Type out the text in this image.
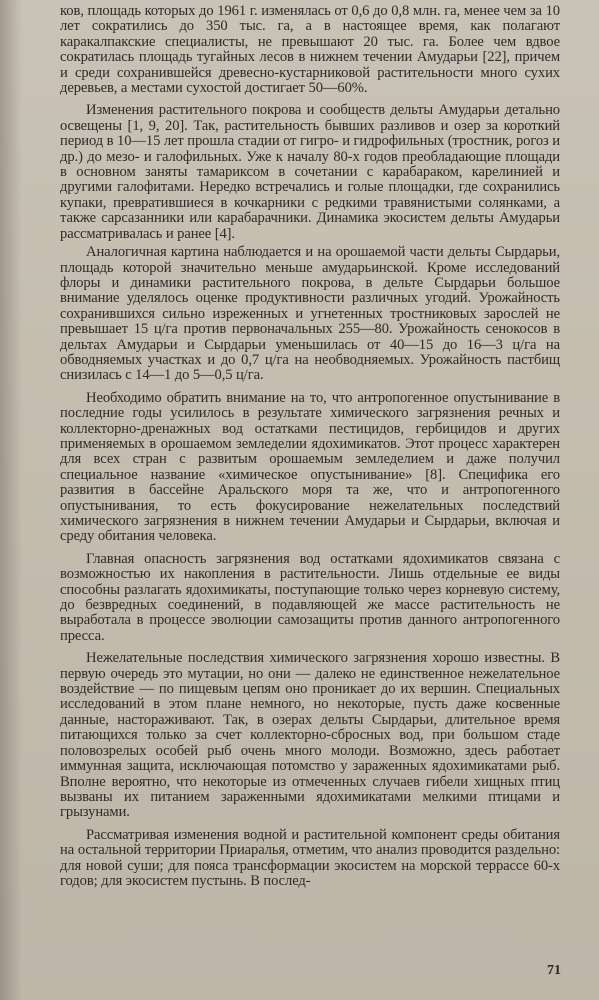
ков, площадь которых до 1961 г. изменялась от 0,6 до 0,8 млн. га, менее чем за 10 лет сократились до 350 тыс. га, а в настоящее время, как полагают каракалпакские специалисты, не превышают 20 тыс. га. Более чем вдвое сократилась площадь тугайных лесов в нижнем течении Амударьи [22], причем и среди сохранившейся древесно-кустарниковой растительности много сухих деревьев, а местами сухостой достигает 50—60%.

Изменения растительного покрова и сообществ дельты Амударьи детально освещены [1, 9, 20]. Так, растительность бывших разливов и озер за короткий период в 10—15 лет прошла стадии от гигро- и гидрофильных (тростник, рогоз и др.) до мезо- и галофильных. Уже к началу 80-х годов преобладающие площади в основном заняты тамариксом в сочетании с карабараком, карелинией и другими галофитами. Нередко встречались и голые площадки, где сохранились купаки, превратившиеся в кочкарники с редкими травянистыми солянками, а также сарсазанники или карабарачники. Динамика экосистем дельты Амударьи рассматривалась и ранее [4].

Аналогичная картина наблюдается и на орошаемой части дельты Сырдарьи, площадь которой значительно меньше амударьинской. Кроме исследований флоры и динамики растительного покрова, в дельте Сырдарьи большое внимание уделялось оценке продуктивности различных угодий. Урожайность сохранившихся сильно изреженных и угнетенных тростниковых зарослей не превышает 15 ц/га против первоначальных 255—80. Урожайность сенокосов в дельтах Амударьи и Сырдарьи уменьшилась от 40—15 до 16—3 ц/га на обводняемых участках и до 0,7 ц/га на необводняемых. Урожайность пастбищ снизилась с 14—1 до 5—0,5 ц/га.

Необходимо обратить внимание на то, что антропогенное опустынивание в последние годы усилилось в результате химического загрязнения речных и коллекторно-дренажных вод остатками пестицидов, гербицидов и других применяемых в орошаемом земледелии ядохимикатов. Этот процесс характерен для всех стран с развитым орошаемым земледелием и даже получил специальное название «химическое опустынивание» [8]. Специфика его развития в бассейне Аральского моря та же, что и антропогенного опустынивания, то есть фокусирование нежелательных последствий химического загрязнения в нижнем течении Амударьи и Сырдарьи, включая и среду обитания человека.

Главная опасность загрязнения вод остатками ядохимикатов связана с возможностью их накопления в растительности. Лишь отдельные ее виды способны разлагать ядохимикаты, поступающие только через корневую систему, до безвредных соединений, в подавляющей же массе растительность не выработала в процессе эволюции самозащиты против данного антропогенного пресса.

Нежелательные последствия химического загрязнения хорошо известны. В первую очередь это мутации, но они — далеко не единственное нежелательное воздействие — по пищевым цепям оно проникает до их вершин. Специальных исследований в этом плане немного, но некоторые, пусть даже косвенные данные, настораживают. Так, в озерах дельты Сырдарьи, длительное время питающихся только за счет коллекторно-сбросных вод, при большом стаде половозрелых особей рыб очень много молоди. Возможно, здесь работает иммунная защита, исключающая потомство у зараженных ядохимикатами рыб. Вполне вероятно, что некоторые из отмеченных случаев гибели хищных птиц вызваны их питанием зараженными ядохимикатами мелкими птицами и грызунами.

Рассматривая изменения водной и растительной компонент среды обитания на остальной территории Приаралья, отметим, что анализ проводится раздельно: для новой суши; для пояса трансформации экосистем на морской террассе 60-х годов; для экосистем пустынь. В послед-

71
